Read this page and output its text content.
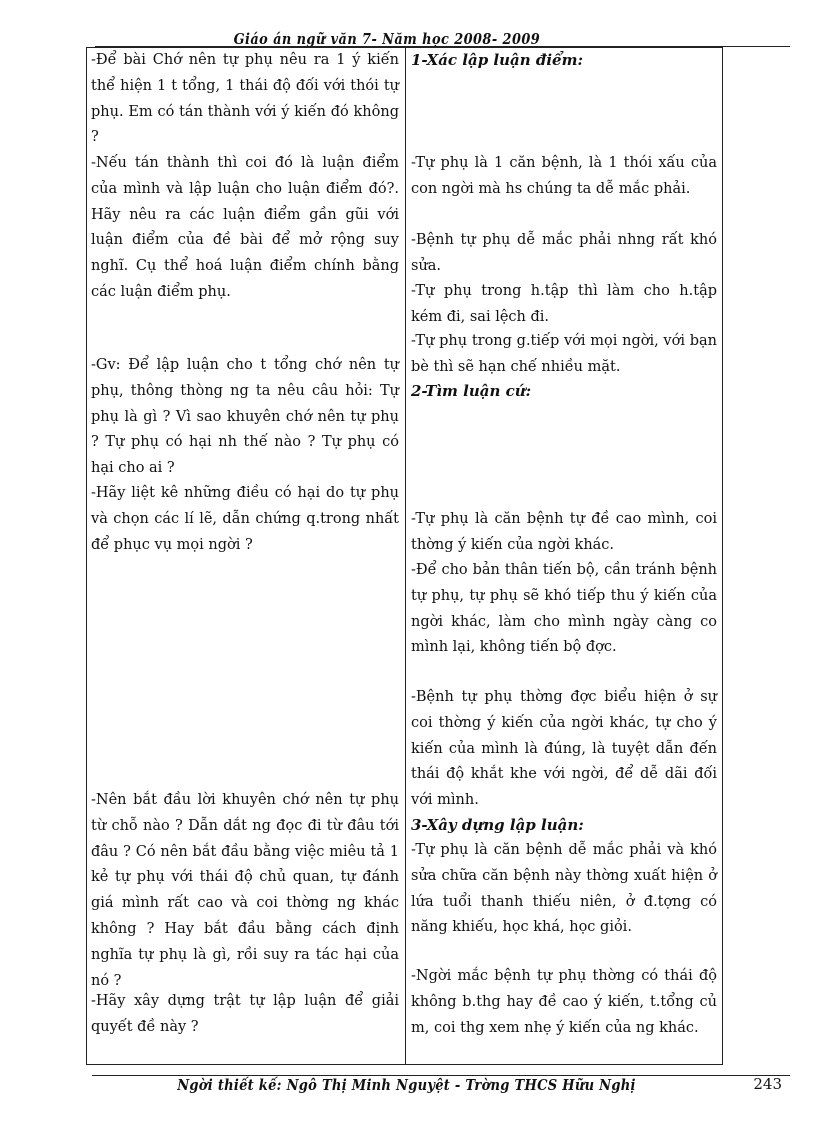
Giáo án ngữ văn 7- Năm học 2008- 2009

-Để bài Chớ nên tự phụ nêu ra 1 ý kiến thể hiện 1 t tổng, 1 thái độ đối với thói tự phụ. Em có tán thành với ý kiến đó không ?

-Nếu tán thành thì coi đó là luận điểm của mình và lập luận cho luận điểm đó?. Hãy nêu ra các luận điểm gần gũi với luận điểm của đề bài để mở rộng suy nghĩ. Cụ thể hoá luận điểm chính bằng các luận điểm phụ.

-Gv: Để lập luận cho t tổng chớ nên tự phụ, thông thòng ng ta nêu câu hỏi: Tự phụ là gì ? Vì sao khuyên chớ nên tự phụ ? Tự phụ có hại nh thế nào ? Tự phụ có hại cho ai ?

-Hãy liệt kê những điều có hại do tự phụ và chọn các lí lẽ, dẫn chứng q.trong nhất để phục vụ mọi ngời ?

-Nên bắt đầu lời khuyên chớ nên tự phụ từ chỗ nào ? Dẫn dắt ng đọc đi từ đâu tới đâu ? Có nên bắt đầu bằng việc miêu tả 1 kẻ tự phụ với thái độ chủ quan, tự đánh giá mình rất cao và coi thờng ng khác không ? Hay bắt đầu bằng cách định nghĩa tự phụ là gì, rồi suy ra tác hại của nó ?

-Hãy xây dựng trật tự lập luận để giải quyết đề này ?

1-Xác lập luận điểm:

-Tự phụ là 1 căn bệnh, là 1 thói xấu của con ngời mà hs chúng ta dễ mắc phải.

-Bệnh tự phụ dễ mắc phải nhng rất khó sửa.

-Tự phụ trong h.tập thì làm cho h.tập kém đi, sai lệch đi.

-Tự phụ trong g.tiếp với mọi ngời, với bạn bè thì sẽ hạn chế nhiều mặt.

2-Tìm luận cứ:

-Tự phụ là căn bệnh tự đề cao mình, coi thờng ý kiến của ngời khác.

-Để cho bản thân tiến bộ, cần tránh bệnh tự phụ, tự phụ sẽ khó tiếp thu ý kiến của ngời khác, làm cho mình ngày càng co mình lại, không tiến bộ đợc.

-Bệnh tự phụ thờng đợc biểu hiện ở sự coi thờng ý kiến của ngời khác, tự cho ý kiến của mình là đúng, là tuyệt dẫn đến thái độ khắt khe với ngời, để dễ dãi đối với mình.

3-Xây dựng lập luận:

-Tự phụ là căn bệnh dễ mắc phải và khó sửa chữa căn bệnh này thờng xuất hiện ở lứa tuổi thanh thiếu niên, ở đ.tợng có năng khiếu, học khá, học giỏi.

-Ngời mắc bệnh tự phụ thờng có thái độ không b.thg hay đề cao ý kiến, t.tổng củ m, coi thg xem nhẹ ý kiến của ng khác.

Ngời thiết kế: Ngô Thị Minh Nguyệt - Trờng THCS Hữu Nghị	243
